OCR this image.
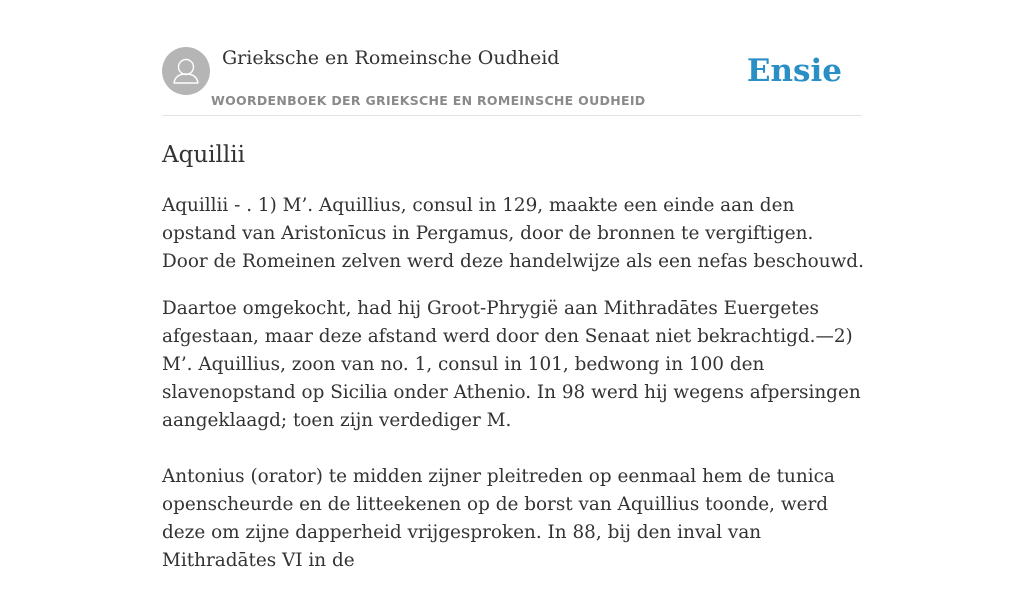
Grieksche en Romeinsche Oudheid
WOORDENBOEK DER GRIEKSCHE EN ROMEINSCHE OUDHEID
Ensie
Aquillii

Aquillii - . 1) M’. Aquillius, consul in 129, maakte een einde aan den opstand van Aristonīcus in Pergamus, door de bronnen te vergiftigen. Door de Romeinen zelven werd deze handelwijze als een nefas beschouwd.

Daartoe omgekocht, had hij Groot-Phrygië aan Mithradātes Euergetes afgestaan, maar deze afstand werd door den Senaat niet bekrachtigd.—2) M’. Aquillius, zoon van no. 1, consul in 101, bedwong in 100 den slavenopstand op Sicilia onder Athenio. In 98 werd hij wegens afpersingen aangeklaagd; toen zijn verdediger M.

Antonius (orator) te midden zijner pleitreden op eenmaal hem de tunica openscheurde en de litteekenen op de borst van Aquillius toonde, werd deze om zijne dapperheid vrijgesproken. In 88, bij den inval van Mithradātes VI in de
